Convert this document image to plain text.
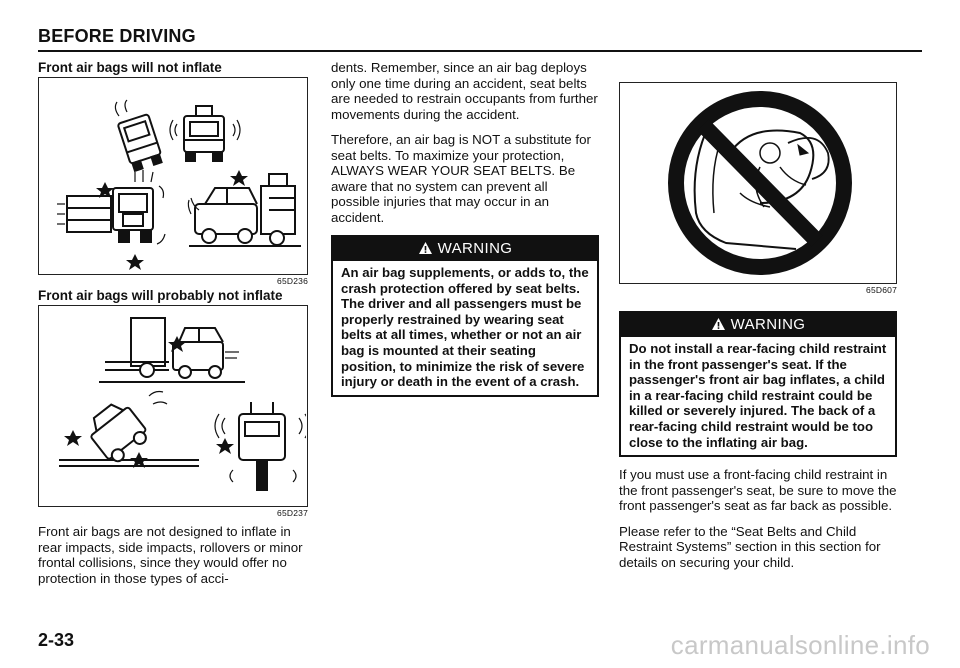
BEFORE DRIVING
Front air bags will not inflate
65D236
Front air bags will probably not inflate
65D237

Front air bags are not designed to inflate in rear impacts, side impacts, rollovers or minor frontal collisions, since they would offer no protection in those types of acci-

dents. Remember, since an air bag deploys only one time during an accident, seat belts are needed to restrain occupants from further movements during the accident.

Therefore, an air bag is NOT a substitute for seat belts. To maximize your protection, ALWAYS WEAR YOUR SEAT BELTS. Be aware that no system can prevent all possible injuries that may occur in an accident.

WARNING
An air bag supplements, or adds to, the crash protection offered by seat belts. The driver and all passengers must be properly restrained by wearing seat belts at all times, whether or not an air bag is mounted at their seating position, to minimize the risk of severe injury or death in the event of a crash.
65D607
WARNING
Do not install a rear-facing child restraint in the front passenger's seat. If the passenger's front air bag inflates, a child in a rear-facing child restraint could be killed or severely injured. The back of a rear-facing child restraint would be too close to the inflating air bag.

If you must use a front-facing child restraint in the front passenger's seat, be sure to move the front passenger's seat as far back as possible.

Please refer to the “Seat Belts and Child Restraint Systems” section in this section for details on securing your child.

2-33	carmanualsonline.info
